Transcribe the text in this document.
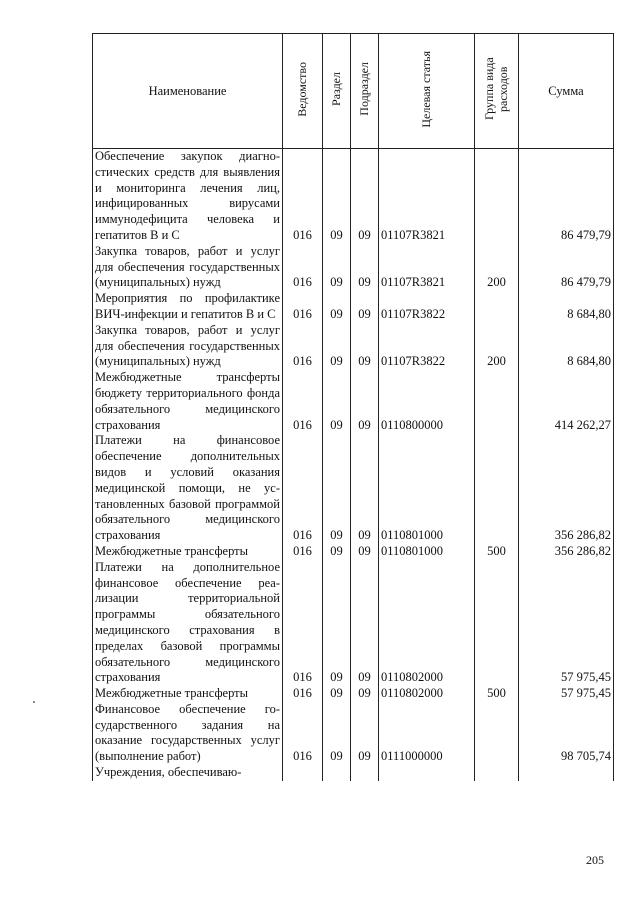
Наименование	Ведомство	Раздел	Подраздел	Целевая статья	Группа вида расходов	Сумма
Обеспечение закупок диагностических средств для выявления и мониторинга лечения лиц, инфицированных вирусами иммунодефицита человека и гепатитов В и С	016	09	09	01107R3821		86 479,79
Закупка товаров, работ и услуг для обеспечения государственных (муниципальных) нужд	016	09	09	01107R3821	200	86 479,79
Мероприятия по профилактике ВИЧ-инфекции и гепатитов В и С	016	09	09	01107R3822		8 684,80
Закупка товаров, работ и услуг для обеспечения государственных (муниципальных) нужд	016	09	09	01107R3822	200	8 684,80
Межбюджетные трансферты бюджету территориального фонда обязательного медицинского страхования	016	09	09	0110800000		414 262,27
Платежи на финансовое обеспечение дополнительных видов и условий оказания медицинской помощи, не установленных базовой программой обязательного медицинского страхования	016	09	09	0110801000		356 286,82
Межбюджетные трансферты	016	09	09	0110801000	500	356 286,82
Платежи на дополнительное финансовое обеспечение реализации территориальной программы обязательного медицинского страхования в пределах базовой программы обязательного медицинского страхования	016	09	09	0110802000		57 975,45
Межбюджетные трансферты	016	09	09	0110802000	500	57 975,45
Финансовое обеспечение государственного задания на оказание государственных услуг (выполнение работ)	016	09	09	0111000000		98 705,74
Учреждения, обеспечиваю-						
205
